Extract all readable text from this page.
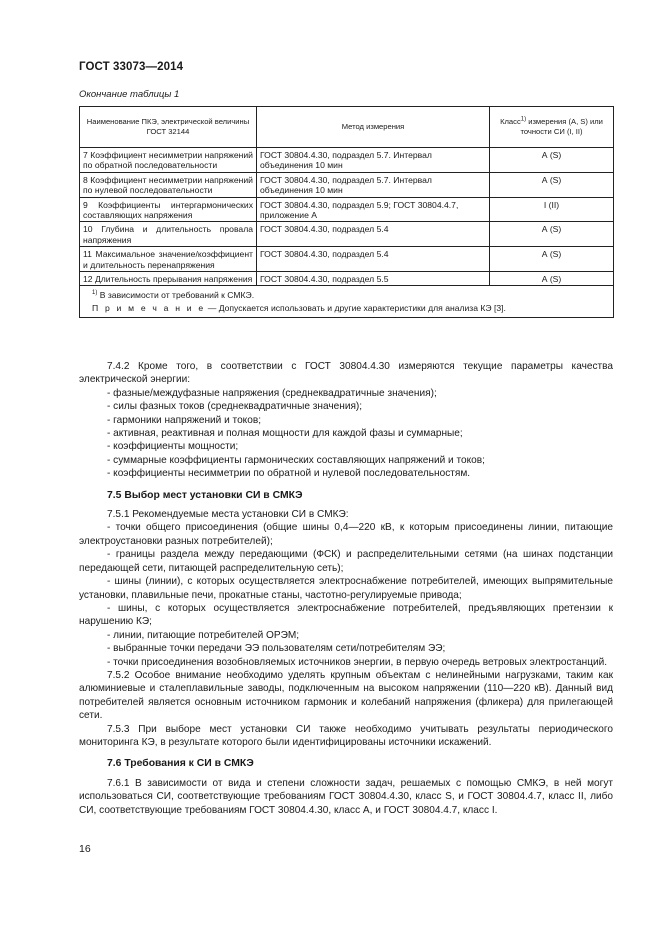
ГОСТ 33073—2014
Окончание таблицы 1
Наименование ПКЭ, электрической величины ГОСТ 32144	Метод измерения	Класс$^{1)}$ измерения (А, S) или точности СИ (I, II)
7 Коэффициент несимметрии напряжений по обратной последовательности	ГОСТ 30804.4.30, подраздел 5.7. Интервал объединения 10 мин	А (S)
8 Коэффициент несимметрии напряжений по нулевой последовательности	ГОСТ 30804.4.30, подраздел 5.7. Интервал объединения 10 мин	А (S)
9 Коэффициенты интергармонических составляющих напряжения	ГОСТ 30804.4.30, подраздел 5.9; ГОСТ 30804.4.7, приложение А	I (II)
10 Глубина и длительность провала напряжения	ГОСТ 30804.4.30, подраздел 5.4	А (S)
11 Максимальное значение/коэффициент и длительность перенапряжения	ГОСТ 30804.4.30, подраздел 5.4	А (S)
12 Длительность прерывания напряжения	ГОСТ 30804.4.30, подраздел 5.5	А (S)

$^{1)}$ В зависимости от требований к СМКЭ.
П р и м е ч а н и е — Допускается использовать и другие характеристики для анализа КЭ [3].		

7.4.2 Кроме того, в соответствии с ГОСТ 30804.4.30 измеряются текущие параметры качества электрической энергии:

- фазные/междуфазные напряжения (среднеквадратичные значения);

- силы фазных токов (среднеквадратичные значения);

- гармоники напряжений и токов;

- активная, реактивная и полная мощности для каждой фазы и суммарные;

- коэффициенты мощности;

- суммарные коэффициенты гармонических составляющих напряжений и токов;

- коэффициенты несимметрии по обратной и нулевой последовательностям.

7.5 Выбор мест установки СИ в СМКЭ

7.5.1 Рекомендуемые места установки СИ в СМКЭ:

- точки общего присоединения (общие шины 0,4—220 кВ, к которым присоединены линии, питающие электроустановки разных потребителей);

- границы раздела между передающими (ФСК) и распределительными сетями (на шинах подстанции передающей сети, питающей распределительную сеть);

- шины (линии), с которых осуществляется электроснабжение потребителей, имеющих выпрямительные установки, плавильные печи, прокатные станы, частотно-регулируемые привода;

- шины, с которых осуществляется электроснабжение потребителей, предъявляющих претензии к нарушению КЭ;

- линии, питающие потребителей ОРЭМ;

- выбранные точки передачи ЭЭ пользователям сети/потребителям ЭЭ;

- точки присоединения возобновляемых источников энергии, в первую очередь ветровых электростанций.

7.5.2 Особое внимание необходимо уделять крупным объектам с нелинейными нагрузками, таким как алюминиевые и сталеплавильные заводы, подключенным на высоком напряжении (110—220 кВ). Данный вид потребителей является основным источником гармоник и колебаний напряжения (фликера) для прилегающей сети.

7.5.3 При выборе мест установки СИ также необходимо учитывать результаты периодического мониторинга КЭ, в результате которого были идентифицированы источники искажений.

7.6 Требования к СИ в СМКЭ

7.6.1 В зависимости от вида и степени сложности задач, решаемых с помощью СМКЭ, в ней могут использоваться СИ, соответствующие требованиям ГОСТ 30804.4.30, класс S, и ГОСТ 30804.4.7, класс II, либо СИ, соответствующие требованиям ГОСТ 30804.4.30, класс А, и ГОСТ 30804.4.7, класс I.

16
